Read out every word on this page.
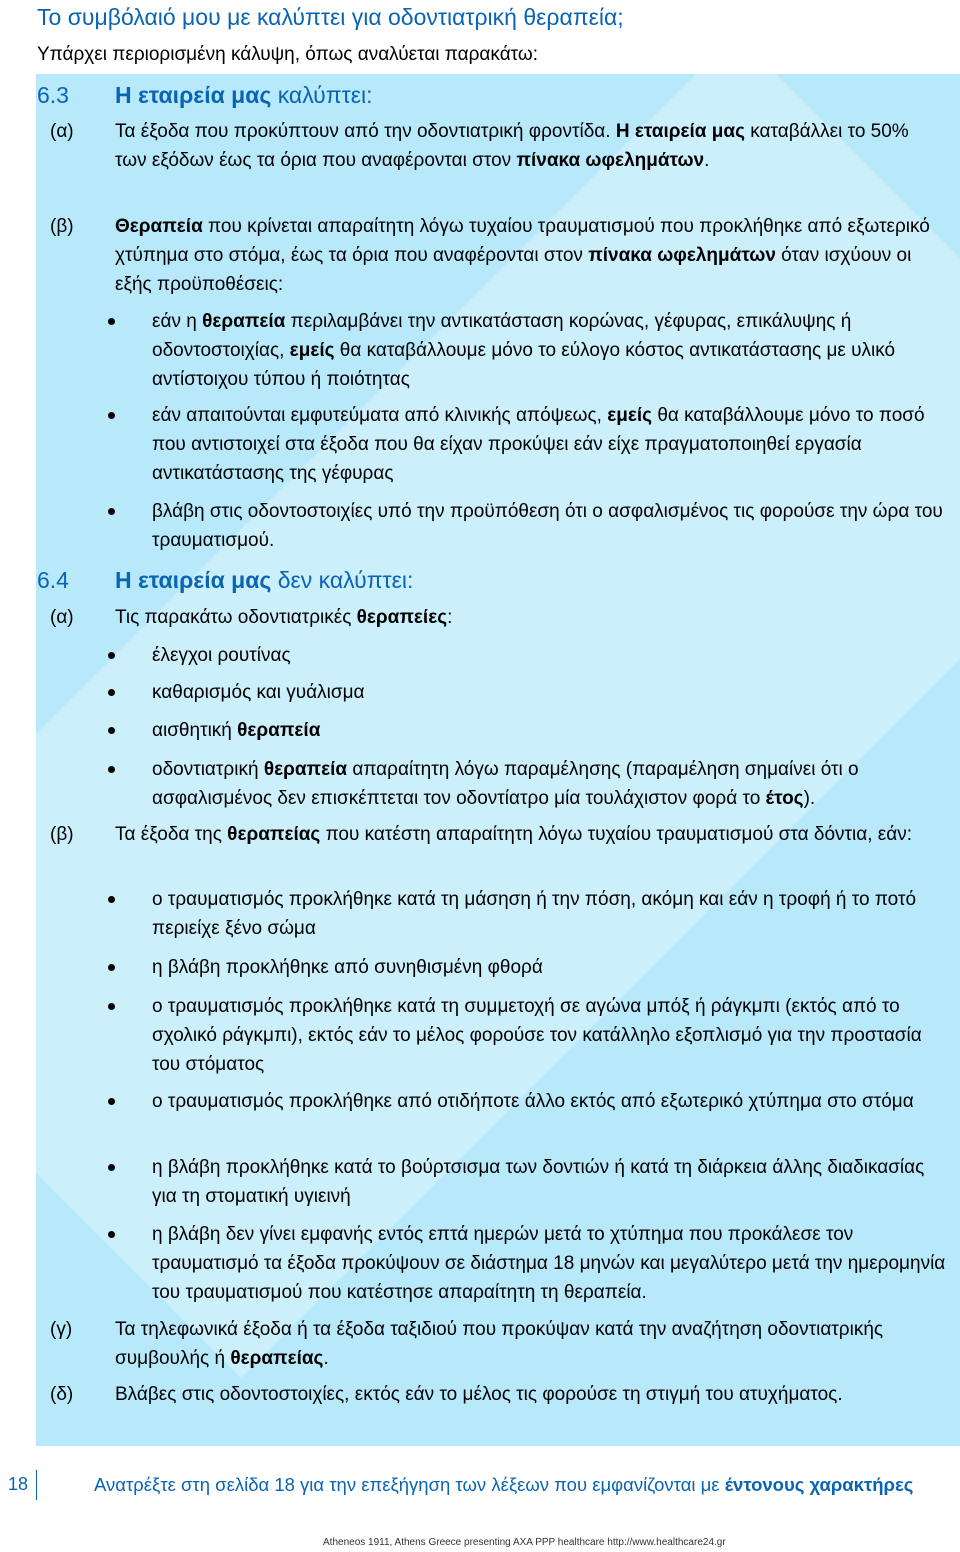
Το συμβόλαιό μου με καλύπτει για οδοντιατρική θεραπεία;
Υπάρχει περιορισμένη κάλυψη, όπως αναλύεται παρακάτω:
6.3 Η εταιρεία μας καλύπτει:
(α) Τα έξοδα που προκύπτουν από την οδοντιατρική φροντίδα. Η εταιρεία μας καταβάλλει το 50% των εξόδων έως τα όρια που αναφέρονται στον πίνακα ωφελημάτων.
(β) Θεραπεία που κρίνεται απαραίτητη λόγω τυχαίου τραυματισμού που προκλήθηκε από εξωτερικό χτύπημα στο στόμα, έως τα όρια που αναφέρονται στον πίνακα ωφελημάτων όταν ισχύουν οι εξής προϋποθέσεις:
εάν η θεραπεία περιλαμβάνει την αντικατάσταση κορώνας, γέφυρας, επικάλυψης ή οδοντοστοιχίας, εμείς θα καταβάλλουμε μόνο το εύλογο κόστος αντικατάστασης με υλικό αντίστοιχου τύπου ή ποιότητας
εάν απαιτούνται εμφυτεύματα από κλινικής απόψεως, εμείς θα καταβάλλουμε μόνο το ποσό που αντιστοιχεί στα έξοδα που θα είχαν προκύψει εάν είχε πραγματοποιηθεί εργασία αντικατάστασης της γέφυρας
βλάβη στις οδοντοστοιχίες υπό την προϋπόθεση ότι ο ασφαλισμένος τις φορούσε την ώρα του τραυματισμού.
6.4 Η εταιρεία μας δεν καλύπτει:
(α) Τις παρακάτω οδοντιατρικές θεραπείες:
έλεγχοι ρουτίνας
καθαρισμός και γυάλισμα
αισθητική θεραπεία
οδοντιατρική θεραπεία απαραίτητη λόγω παραμέλησης (παραμέληση σημαίνει ότι ο ασφαλισμένος δεν επισκέπτεται τον οδοντίατρο μία τουλάχιστον φορά το έτος).
(β) Τα έξοδα της θεραπείας που κατέστη απαραίτητη λόγω τυχαίου τραυματισμού στα δόντια, εάν:
ο τραυματισμός προκλήθηκε κατά τη μάσηση ή την πόση, ακόμη και εάν η τροφή ή το ποτό περιείχε ξένο σώμα
η βλάβη προκλήθηκε από συνηθισμένη φθορά
ο τραυματισμός προκλήθηκε κατά τη συμμετοχή σε αγώνα μπόξ ή ράγκμπι (εκτός από το σχολικό ράγκμπι), εκτός εάν το μέλος φορούσε τον κατάλληλο εξοπλισμό για την προστασία του στόματος
ο τραυματισμός προκλήθηκε από οτιδήποτε άλλο εκτός από εξωτερικό χτύπημα στο στόμα
η βλάβη προκλήθηκε κατά το βούρτσισμα των δοντιών ή κατά τη διάρκεια άλλης διαδικασίας για τη στοματική υγιεινή
η βλάβη δεν γίνει εμφανής εντός επτά ημερών μετά το χτύπημα που προκάλεσε τον τραυματισμό τα έξοδα προκύψουν σε διάστημα 18 μηνών και μεγαλύτερο μετά την ημερομηνία του τραυματισμού που κατέστησε απαραίτητη τη θεραπεία.
(γ) Τα τηλεφωνικά έξοδα ή τα έξοδα ταξιδιού που προκύψαν κατά την αναζήτηση οδοντιατρικής συμβουλής ή θεραπείας.
(δ) Βλάβες στις οδοντοστοιχίες, εκτός εάν το μέλος τις φορούσε τη στιγμή του ατυχήματος.
18	Ανατρέξτε στη σελίδα 18 για την επεξήγηση των λέξεων που εμφανίζονται με έντονους χαρακτήρες
Atheneos 1911, Athens Greece presenting AXA PPP healthcare http://www.healthcare24.gr
